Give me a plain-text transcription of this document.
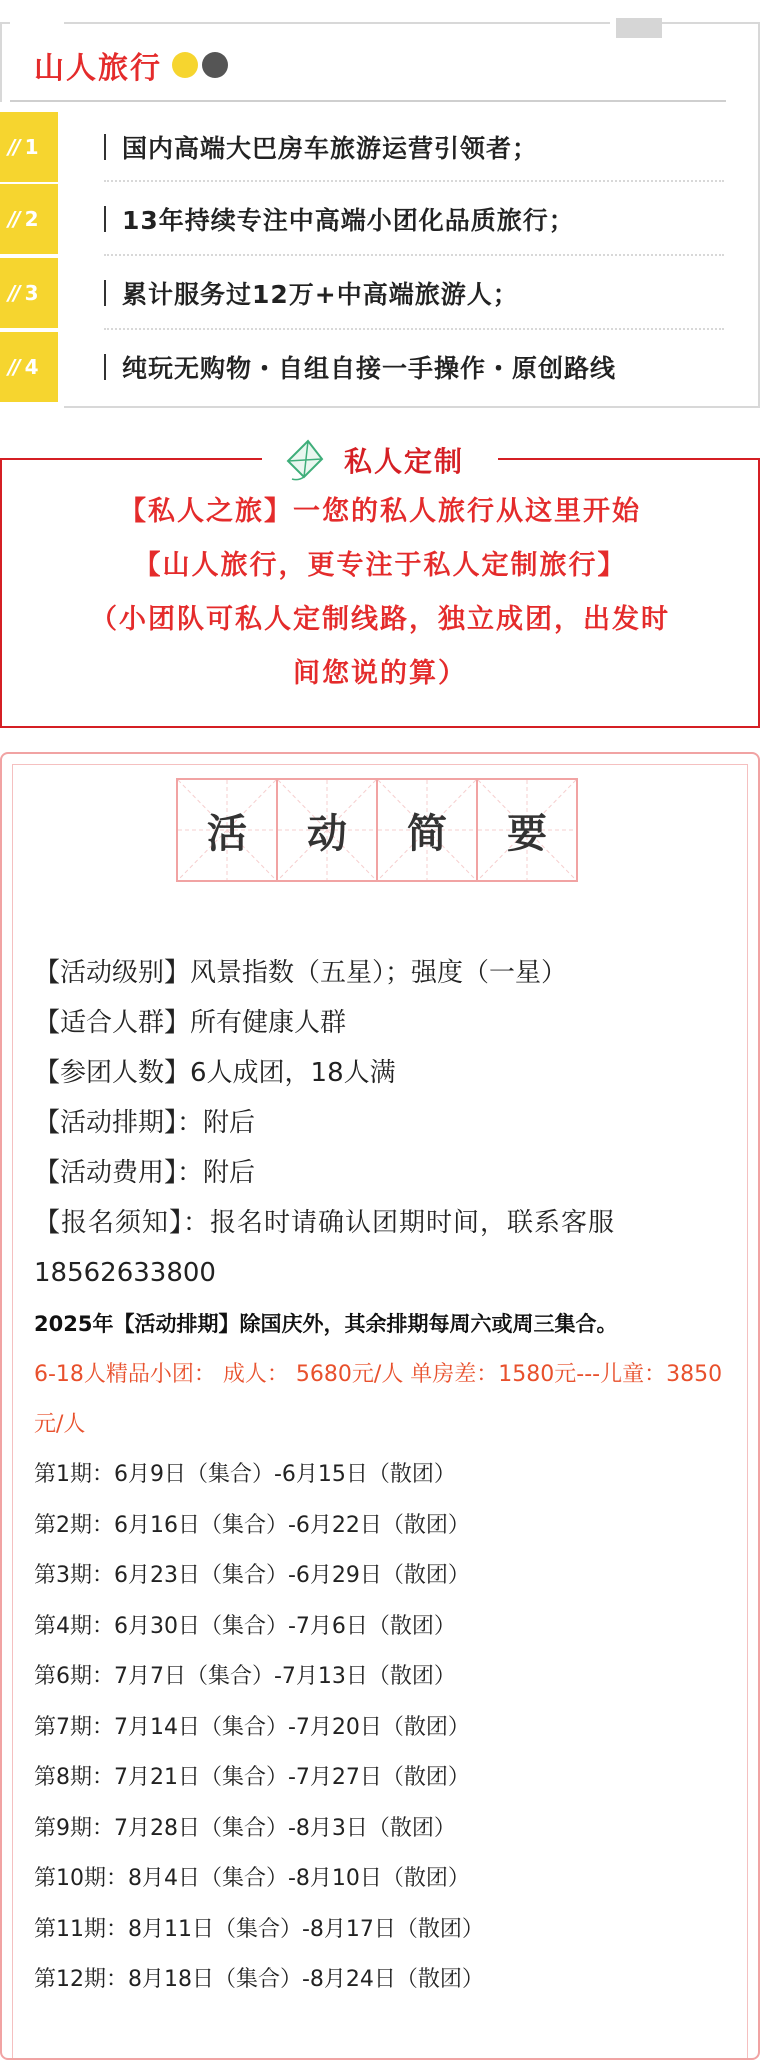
山人旅行
// 1	国内高端大巴房车旅游运营引领者；
// 2	13年持续专注中高端小团化品质旅行；
// 3	累计服务过12万+中高端旅游人；
// 4	纯玩无购物・自组自接一手操作・原创路线
私人定制
【私人之旅】一您的私人旅行从这里开始
【山人旅行，更专注于私人定制旅行】
（小团队可私人定制线路，独立成团，出发时
间您说的算）
活	动	简	要
【活动级别】风景指数（五星）；强度（一星）
【适合人群】所有健康人群
【参团人数】6人成团，18人满
【活动排期】：附后
【活动费用】：附后
【报名须知】：报名时请确认团期时间，联系客服
18562633800
2025年【活动排期】除国庆外，其余排期每周六或周三集合。
6-18人精品小团： 成人： 5680元/人 单房差：1580元---儿童：3850元/人
第1期：6月9日（集合）-6月15日（散团）
第2期：6月16日（集合）-6月22日（散团）
第3期：6月23日（集合）-6月29日（散团）
第4期：6月30日（集合）-7月6日（散团）
第6期：7月7日（集合）-7月13日（散团）
第7期：7月14日（集合）-7月20日（散团）
第8期：7月21日（集合）-7月27日（散团）
第9期：7月28日（集合）-8月3日（散团）
第10期：8月4日（集合）-8月10日（散团）
第11期：8月11日（集合）-8月17日（散团）
第12期：8月18日（集合）-8月24日（散团）
